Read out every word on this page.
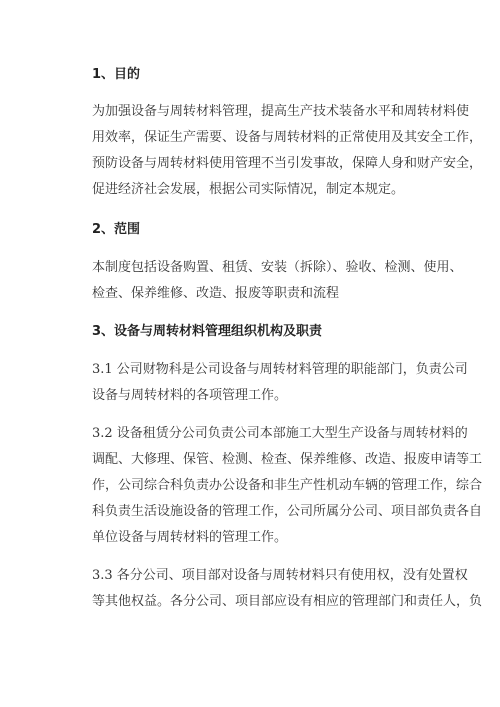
1、目的
为加强设备与周转材料管理，提高生产技术装备水平和周转材料使
用效率，保证生产需要、设备与周转材料的正常使用及其安全工作，
预防设备与周转材料使用管理不当引发事故，保障人身和财产安全，
促进经济社会发展，根据公司实际情况，制定本规定。
2、范围
本制度包括设备购置、租赁、安装（拆除）、验收、检测、使用、
检查、保养维修、改造、报废等职责和流程
3、设备与周转材料管理组织机构及职责
3.1 公司财物科是公司设备与周转材料管理的职能部门，负责公司
设备与周转材料的各项管理工作。
3.2 设备租赁分公司负责公司本部施工大型生产设备与周转材料的
调配、大修理、保管、检测、检查、保养维修、改造、报废申请等工
作，公司综合科负责办公设备和非生产性机动车辆的管理工作，综合
科负责生活设施设备的管理工作，公司所属分公司、项目部负责各自
单位设备与周转材料的管理工作。
3.3 各分公司、项目部对设备与周转材料只有使用权，没有处置权
等其他权益。各分公司、项目部应设有相应的管理部门和责任人，负
